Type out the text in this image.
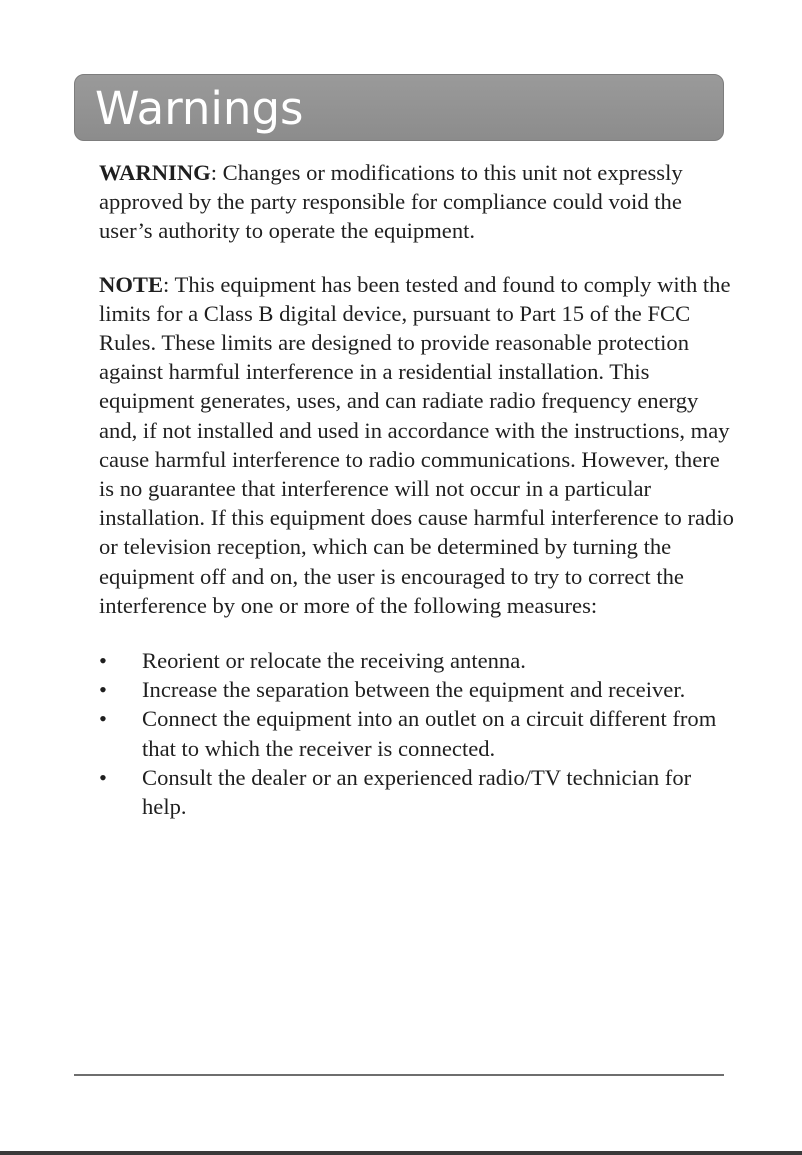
Warnings

WARNING: Changes or modifications to this unit not expressly approved by the party responsible for compliance could void the user’s authority to operate the equipment.

NOTE: This equipment has been tested and found to comply with the limits for a Class B digital device, pursuant to Part 15 of the FCC Rules. These limits are designed to provide reasonable protection against harmful interference in a residential installation. This equipment generates, uses, and can radiate radio frequency energy and, if not installed and used in accordance with the instructions, may cause harmful interference to radio communications. However, there is no guarantee that interference will not occur in a particular installation. If this equipment does cause harmful interference to radio or television reception, which can be determined by turning the equipment off and on, the user is encouraged to try to correct the interference by one or more of the following measures:

• Reorient or relocate the receiving antenna.
• Increase the separation between the equipment and receiver.
• Connect the equipment into an outlet on a circuit different from that to which the receiver is connected.
• Consult the dealer or an experienced radio/TV technician for help.
